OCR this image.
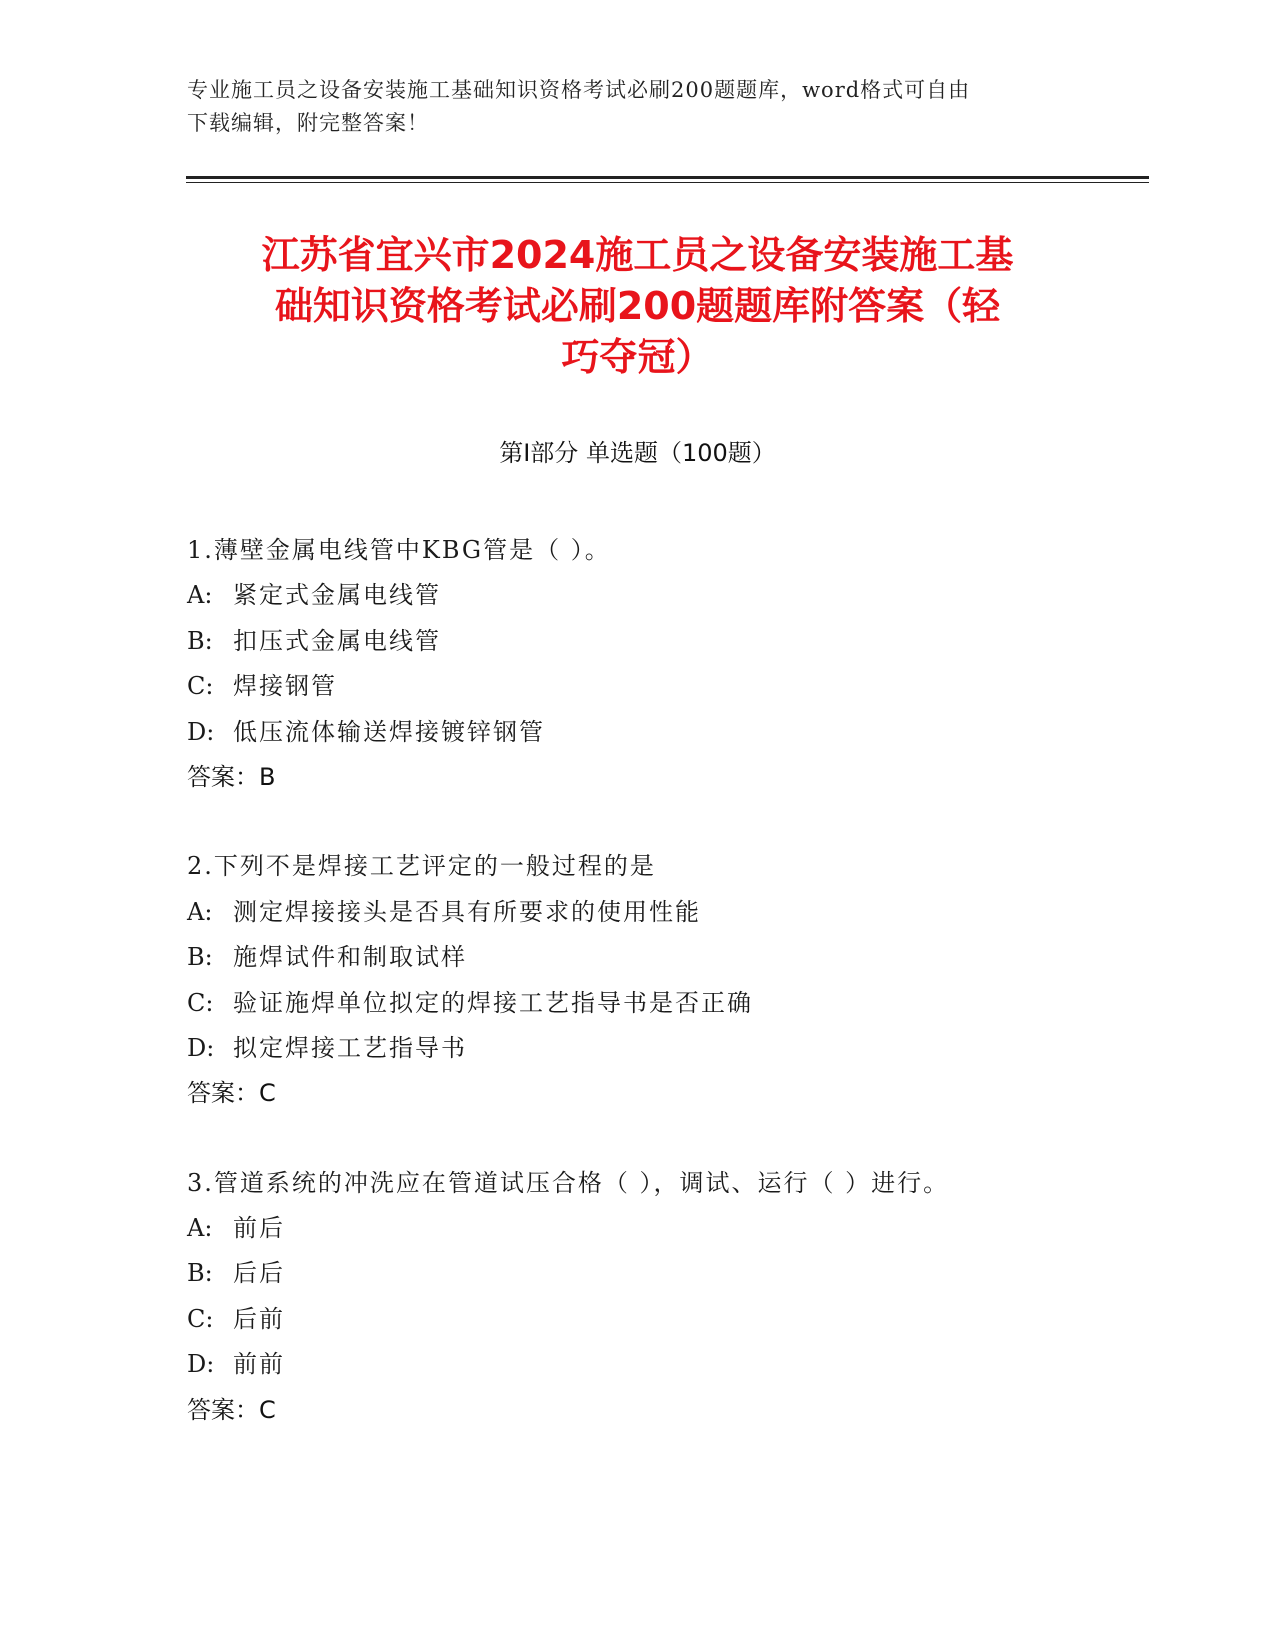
专业施工员之设备安装施工基础知识资格考试必刷200题题库，word格式可自由
下载编辑，附完整答案！
江苏省宜兴市2024施工员之设备安装施工基
础知识资格考试必刷200题题库附答案（轻
巧夺冠）
第Ⅰ部分 单选题（100题）
1.薄壁金属电线管中KBG管是（ ）。
A: 紧定式金属电线管
B: 扣压式金属电线管
C: 焊接钢管
D: 低压流体输送焊接镀锌钢管
答案：B
2.下列不是焊接工艺评定的一般过程的是
A: 测定焊接接头是否具有所要求的使用性能
B: 施焊试件和制取试样
C: 验证施焊单位拟定的焊接工艺指导书是否正确
D: 拟定焊接工艺指导书
答案：C
3.管道系统的冲洗应在管道试压合格（ ），调试、运行（ ）进行。
A: 前后
B: 后后
C: 后前
D: 前前
答案：C
